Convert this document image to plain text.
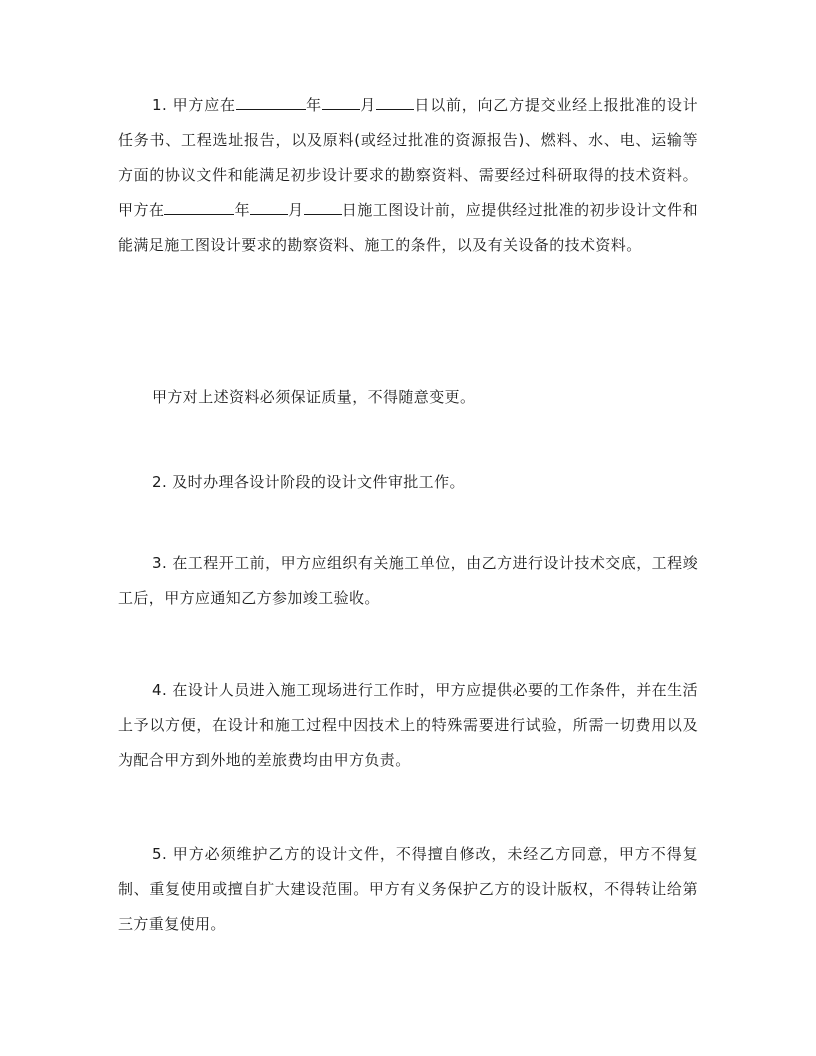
1. 甲方应在	年	月	日以前，向乙方提交业经上报批准的设计任务书、工程选址报告，以及原料(或经过批准的资源报告)、燃料、水、电、运输等方面的协议文件和能满足初步设计要求的勘察资料、需要经过科研取得的技术资料。甲方在	年	月	日施工图设计前，应提供经过批准的初步设计文件和能满足施工图设计要求的勘察资料、施工的条件，以及有关设备的技术资料。

甲方对上述资料必须保证质量，不得随意变更。

2. 及时办理各设计阶段的设计文件审批工作。

3. 在工程开工前，甲方应组织有关施工单位，由乙方进行设计技术交底，工程竣工后，甲方应通知乙方参加竣工验收。

4. 在设计人员进入施工现场进行工作时，甲方应提供必要的工作条件，并在生活上予以方便，在设计和施工过程中因技术上的特殊需要进行试验，所需一切费用以及为配合甲方到外地的差旅费均由甲方负责。

5. 甲方必须维护乙方的设计文件，不得擅自修改，未经乙方同意，甲方不得复制、重复使用或擅自扩大建设范围。甲方有义务保护乙方的设计版权，不得转让给第三方重复使用。
